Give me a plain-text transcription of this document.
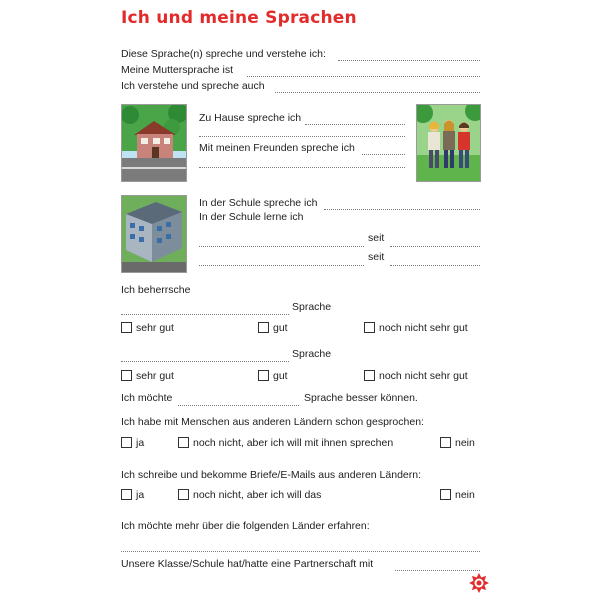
Ich und meine Sprachen
Diese Sprache(n) spreche und verstehe ich:
Meine Muttersprache ist
Ich verstehe und spreche auch
Zu Hause spreche ich
Mit meinen Freunden spreche ich
In der Schule spreche ich
In der Schule lerne ich
seit
seit
Ich beherrsche
Sprache
sehr gut	gut	noch nicht sehr gut
Sprache
sehr gut	gut	noch nicht sehr gut
Ich möchte	Sprache besser können.
Ich habe mit Menschen aus anderen Ländern schon gesprochen:
ja	noch nicht, aber ich will mit ihnen sprechen	nein
Ich schreibe und bekomme Briefe/E-Mails aus anderen Ländern:
ja	noch nicht, aber ich will das	nein
Ich möchte mehr über die folgenden Länder erfahren:
Unsere Klasse/Schule hat/hatte eine Partnerschaft mit
